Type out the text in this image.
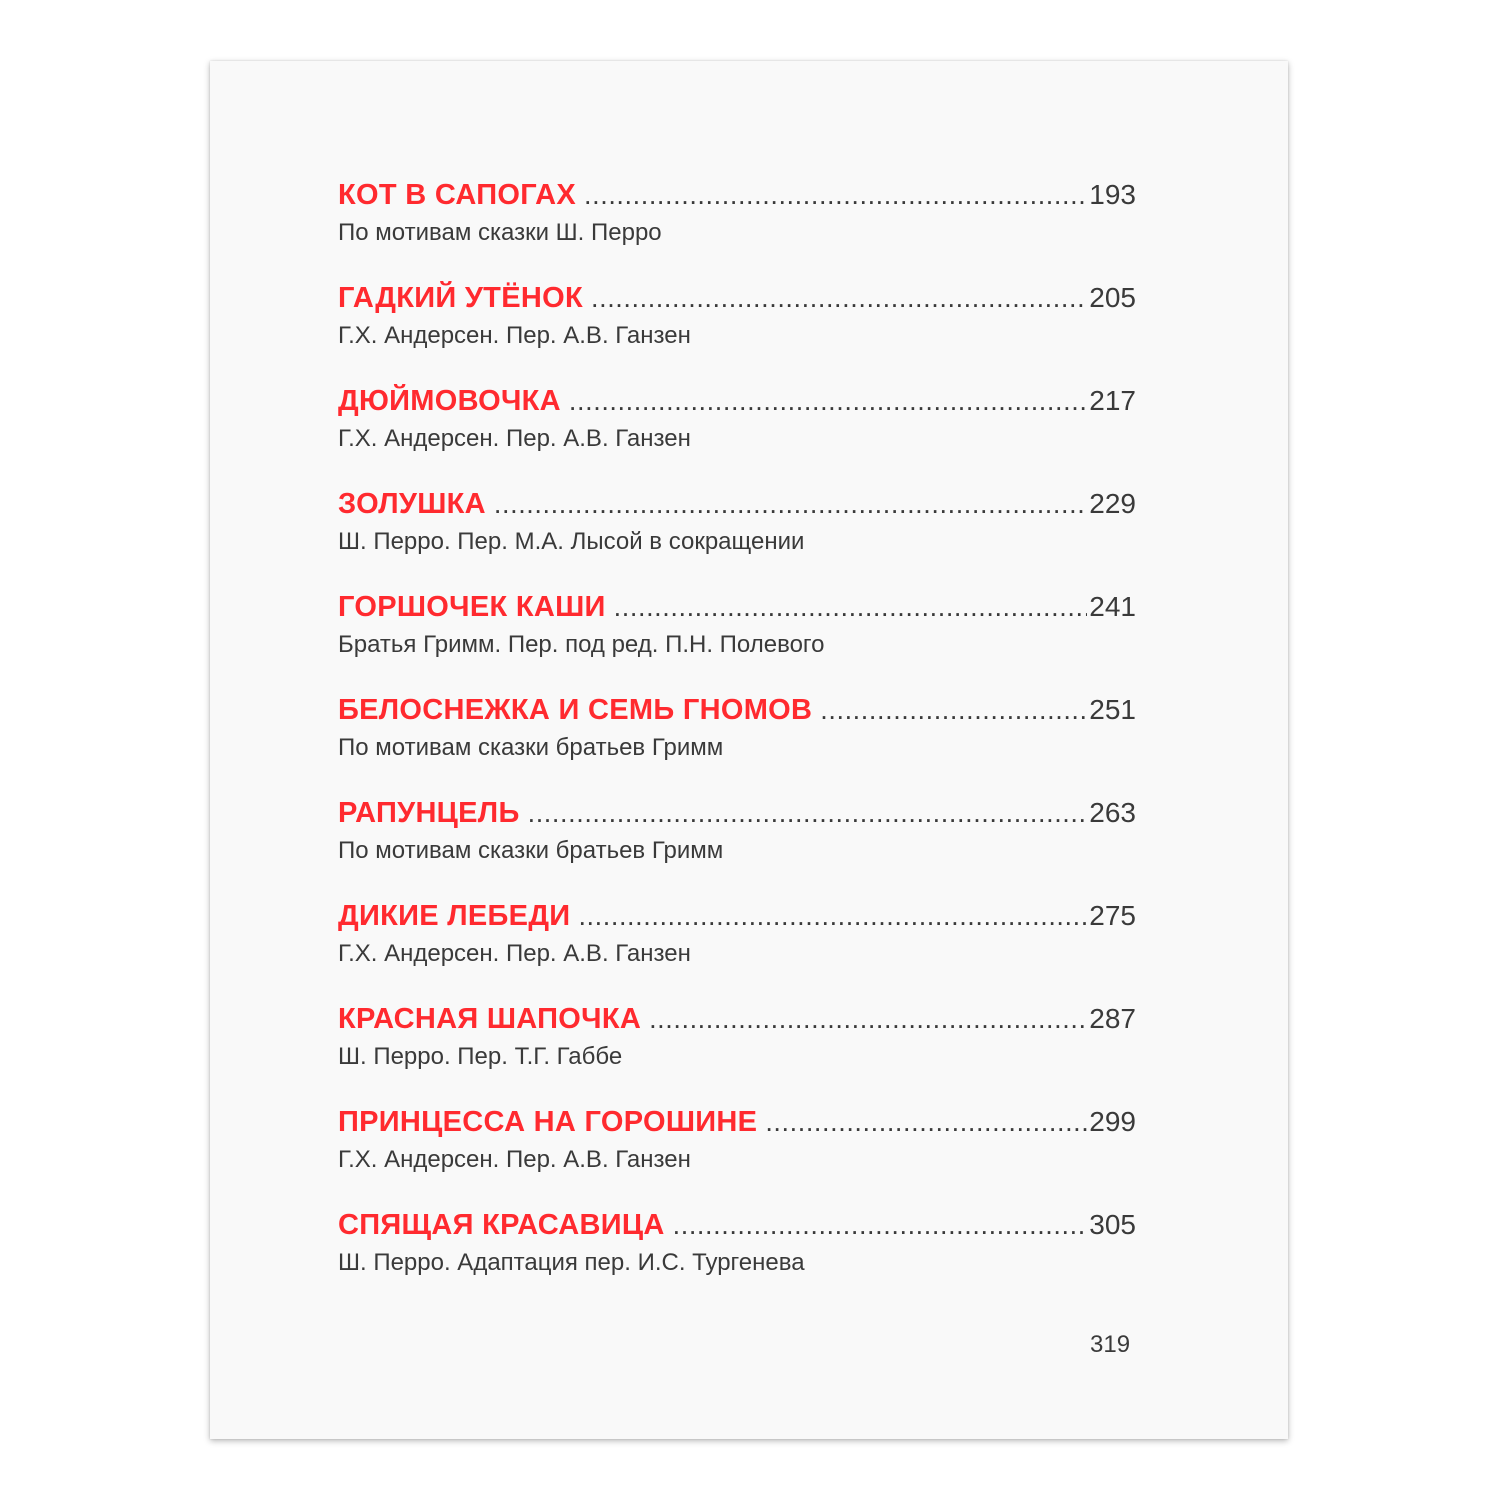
КОТ В САПОГАХ .....	193
По мотивам сказки Ш. Перро
ГАДКИЙ УТЁНОК .....	205
Г.Х. Андерсен. Пер. А.В. Ганзен
ДЮЙМОВОЧКА .....	217
Г.Х. Андерсен. Пер. А.В. Ганзен
ЗОЛУШКА .....	229
Ш. Перро. Пер. М.А. Лысой в сокращении
ГОРШОЧЕК КАШИ .....	241
Братья Гримм. Пер. под ред. П.Н. Полевого
БЕЛОСНЕЖКА И СЕМЬ ГНОМОВ .....	251
По мотивам сказки братьев Гримм
РАПУНЦЕЛЬ .....	263
По мотивам сказки братьев Гримм
ДИКИЕ ЛЕБЕДИ .....	275
Г.Х. Андерсен. Пер. А.В. Ганзен
КРАСНАЯ ШАПОЧКА .....	287
Ш. Перро. Пер. Т.Г. Габбе
ПРИНЦЕССА НА ГОРОШИНЕ .....	299
Г.Х. Андерсен. Пер. А.В. Ганзен
СПЯЩАЯ КРАСАВИЦА .....	305
Ш. Перро. Адаптация пер. И.С. Тургенева
319
